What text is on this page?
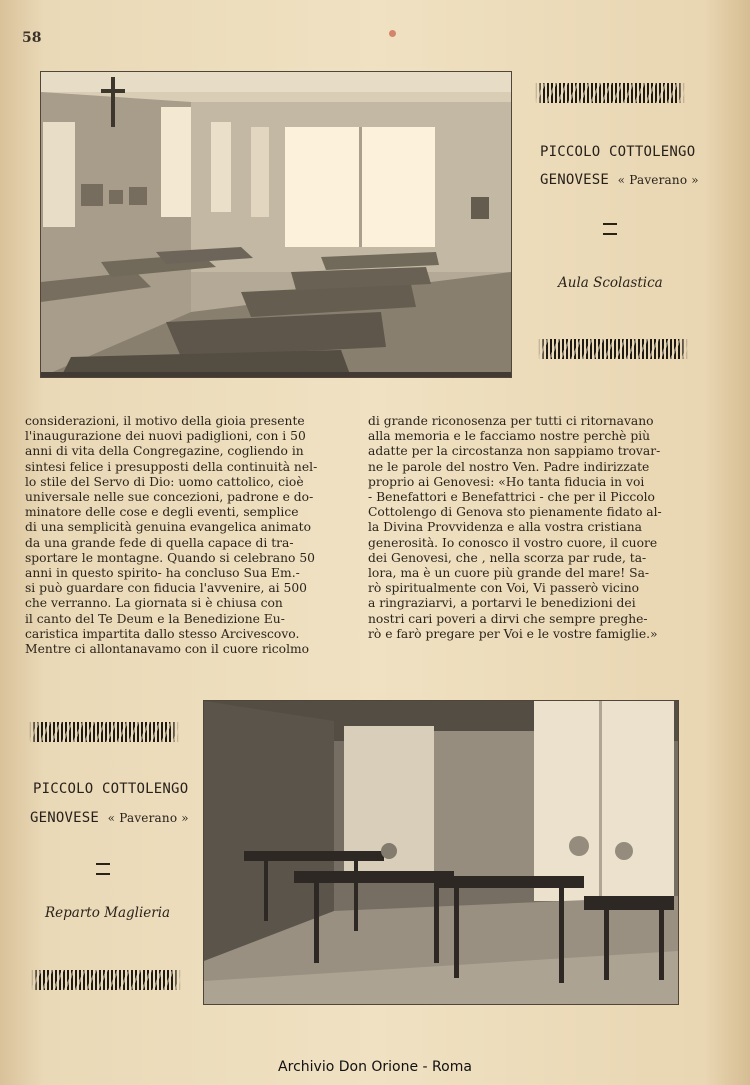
58
PICCOLO COTTOLENGO
GENOVESE « Paverano »
Aula Scolastica
considerazioni, il motivo della gioia presente
l'inaugurazione dei nuovi padiglioni, con i 50
anni di vita della Congregazine, cogliendo in
sintesi felice i presupposti della continuità nel-
lo stile del Servo di Dio: uomo cattolico, cioè
universale nelle sue concezioni, padrone e do-
minatore delle cose e degli eventi, semplice
di una semplicità genuina evangelica animato
da una grande fede di quella capace di tra-
sportare le montagne. Quando si celebrano 50
anni in questo spirito- ha concluso Sua Em.-
si può guardare con fiducia l'avvenire, ai 500
che verranno. La giornata si è chiusa con
il canto del Te Deum e la Benedizione Eu-
caristica impartita dallo stesso Arcivescovo.
Mentre ci allontanavamo con il cuore ricolmo
di grande riconosenza per tutti ci ritornavano
alla memoria e le facciamo nostre perchè più
adatte per la circostanza non sappiamo trovar-
ne le parole del nostro Ven. Padre indirizzate
proprio ai Genovesi: «Ho tanta fiducia in voi
- Benefattori e Benefattrici - che per il Piccolo
Cottolengo di Genova sto pienamente fidato al-
la Divina Provvidenza e alla vostra cristiana
generosità. Io conosco il vostro cuore, il cuore
dei Genovesi, che , nella scorza par rude, ta-
lora, ma è un cuore più grande del mare! Sa-
rò spiritualmente con Voi, Vi passerò vicino
a ringraziarvi, a portarvi le benedizioni dei
nostri cari poveri a dirvi che sempre preghe-
rò e farò pregare per Voi e le vostre famiglie.»
PICCOLO COTTOLENGO
GENOVESE « Paverano »
Reparto Maglieria
Archivio Don Orione - Roma
